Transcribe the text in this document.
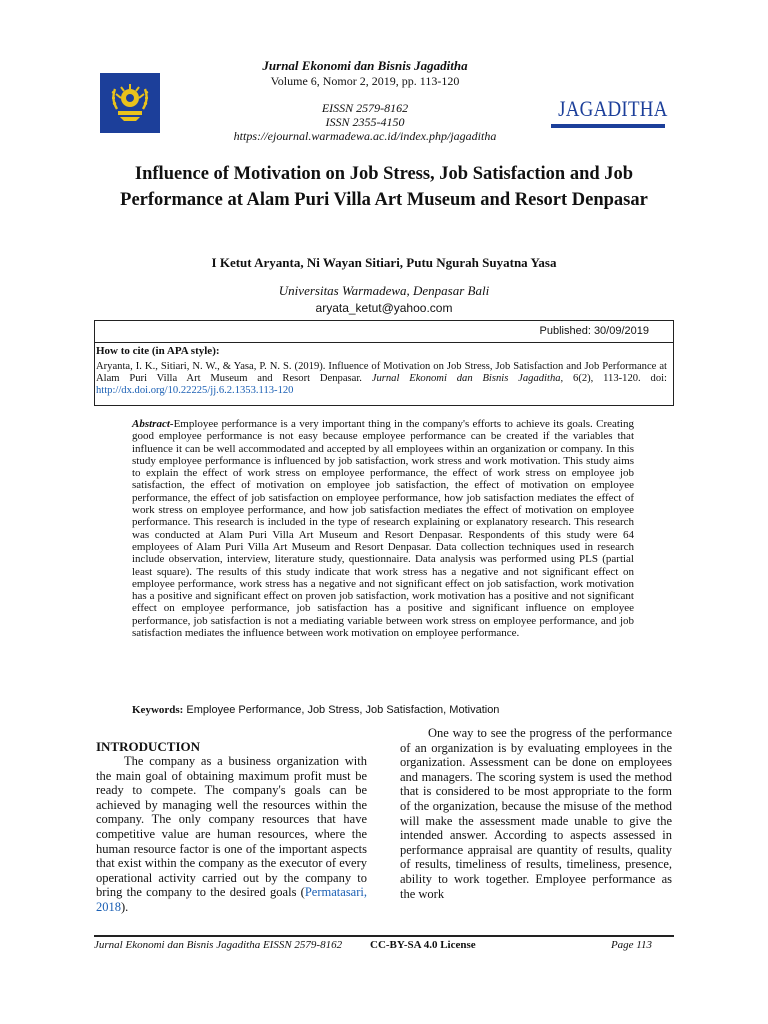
Jurnal Ekonomi dan Bisnis Jagaditha
Volume 6, Nomor 2, 2019, pp. 113-120
EISSN 2579-8162
ISSN 2355-4150
https://ejournal.warmadewa.ac.id/index.php/jagaditha
JAGADITHA
Influence of Motivation on Job Stress, Job Satisfaction and Job Performance at Alam Puri Villa Art Museum and Resort Denpasar
I Ketut Aryanta, Ni Wayan Sitiari, Putu Ngurah Suyatna Yasa
Universitas Warmadewa, Denpasar Bali
aryata_ketut@yahoo.com
Published: 30/09/2019
How to cite (in APA style):
Aryanta, I. K., Sitiari, N. W., & Yasa, P. N. S. (2019). Influence of Motivation on Job Stress, Job Satisfaction and Job Performance at Alam Puri Villa Art Museum and Resort Denpasar. Jurnal Ekonomi dan Bisnis Jagaditha, 6(2), 113-120. doi: http://dx.doi.org/10.22225/jj.6.2.1353.113-120
Abstract-Employee performance is a very important thing in the company's efforts to achieve its goals. Creating good employee performance is not easy because employee performance can be created if the variables that influence it can be well accommodated and accepted by all employees within an organization or company. In this study employee performance is influenced by job satisfaction, work stress and work motivation. This study aims to explain the effect of work stress on employee performance, the effect of work stress on employee job satisfaction, the effect of motivation on employee job satisfaction, the effect of motivation on employee performance, the effect of job satisfaction on employee performance, how job satisfaction mediates the effect of work stress on employee performance, and how job satisfaction mediates the effect of motivation on employee performance. This research is included in the type of research explaining or explanatory research. This research was conducted at Alam Puri Villa Art Museum and Resort Denpasar. Respondents of this study were 64 employees of Alam Puri Villa Art Museum and Resort Denpasar. Data collection techniques used in research include observation, interview, literature study, questionnaire. Data analysis was performed using PLS (partial least square). The results of this study indicate that work stress has a negative and not significant effect on employee performance, work stress has a negative and not significant effect on job satisfaction, work motivation has a positive and significant effect on proven job satisfaction, work motivation has a positive and not significant effect on employee performance, job satisfaction has a positive and significant influence on employee performance, job satisfaction is not a mediating variable between work stress on employee performance, and job satisfaction mediates the influence between work motivation on employee performance.
Keywords: Employee Performance, Job Stress, Job Satisfaction, Motivation
INTRODUCTION

The company as a business organization with the main goal of obtaining maximum profit must be ready to compete. The company's goals can be achieved by managing well the resources within the company. The only company resources that have competitive value are human resources, where the human resource factor is one of the important aspects that exist within the company as the executor of every operational activity carried out by the company to bring the company to the desired goals (Permatasari, 2018).

One way to see the progress of the performance of an organization is by evaluating employees in the organization. Assessment can be done on employees and managers. The scoring system is used the method that is considered to be most appropriate to the form of the organization, because the misuse of the method will make the assessment made unable to give the intended answer. According to aspects assessed in performance appraisal are quantity of results, quality of results, timeliness of results, timeliness, presence, ability to work together. Employee performance as the work

Jurnal Ekonomi dan Bisnis Jagaditha EISSN 2579-8162	CC-BY-SA 4.0 License	Page 113
